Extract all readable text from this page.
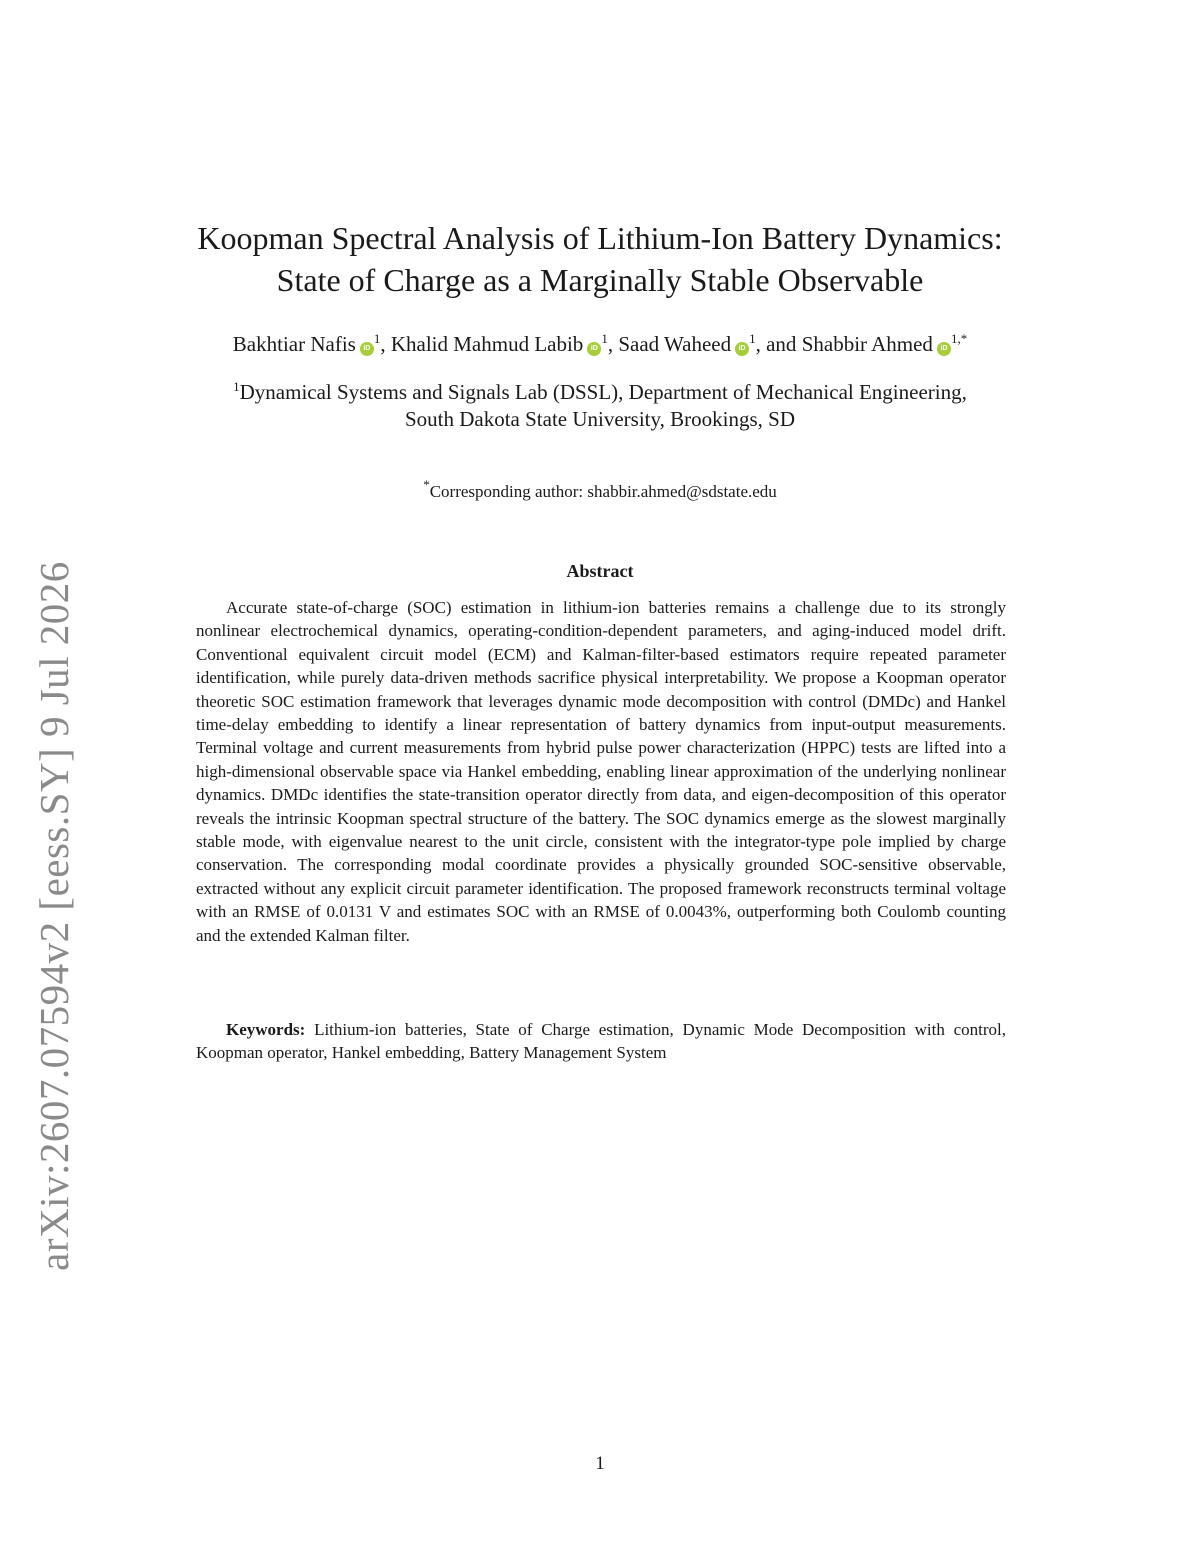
arXiv:2607.07594v2 [eess.SY] 9 Jul 2026
Koopman Spectral Analysis of Lithium-Ion Battery Dynamics:
State of Charge as a Marginally Stable Observable
Bakhtiar Nafis $iD^1$, Khalid Mahmud Labib $iD^1$, Saad Waheed $iD^1$, and Shabbir Ahmed $iD^{1,*}$
$^1$Dynamical Systems and Signals Lab (DSSL), Department of Mechanical Engineering,
South Dakota State University, Brookings, SD
*Corresponding author: shabbir.ahmed@sdstate.edu
Abstract

Accurate state-of-charge (SOC) estimation in lithium-ion batteries remains a challenge due to its strongly nonlinear electrochemical dynamics, operating-condition-dependent parameters, and aging-induced model drift. Conventional equivalent circuit model (ECM) and Kalman-filter-based estimators require repeated parameter identification, while purely data-driven methods sacrifice physical interpretability. We propose a Koopman operator theoretic SOC estimation framework that leverages dynamic mode decomposition with control (DMDc) and Hankel time-delay embedding to identify a linear representation of battery dynamics from input-output measurements. Terminal voltage and current measurements from hybrid pulse power characterization (HPPC) tests are lifted into a high-dimensional observable space via Hankel embedding, enabling linear approximation of the underlying nonlinear dynamics. DMDc identifies the state-transition operator directly from data, and eigen-decomposition of this operator reveals the intrinsic Koopman spectral structure of the battery. The SOC dynamics emerge as the slowest marginally stable mode, with eigenvalue nearest to the unit circle, consistent with the integrator-type pole implied by charge conservation. The corresponding modal coordinate provides a physically grounded SOC-sensitive observable, extracted without any explicit circuit parameter identification. The proposed framework reconstructs terminal voltage with an RMSE of 0.0131 V and estimates SOC with an RMSE of 0.0043%, outperforming both Coulomb counting and the extended Kalman filter.

Keywords: Lithium-ion batteries, State of Charge estimation, Dynamic Mode Decomposition with control, Koopman operator, Hankel embedding, Battery Management System

1
